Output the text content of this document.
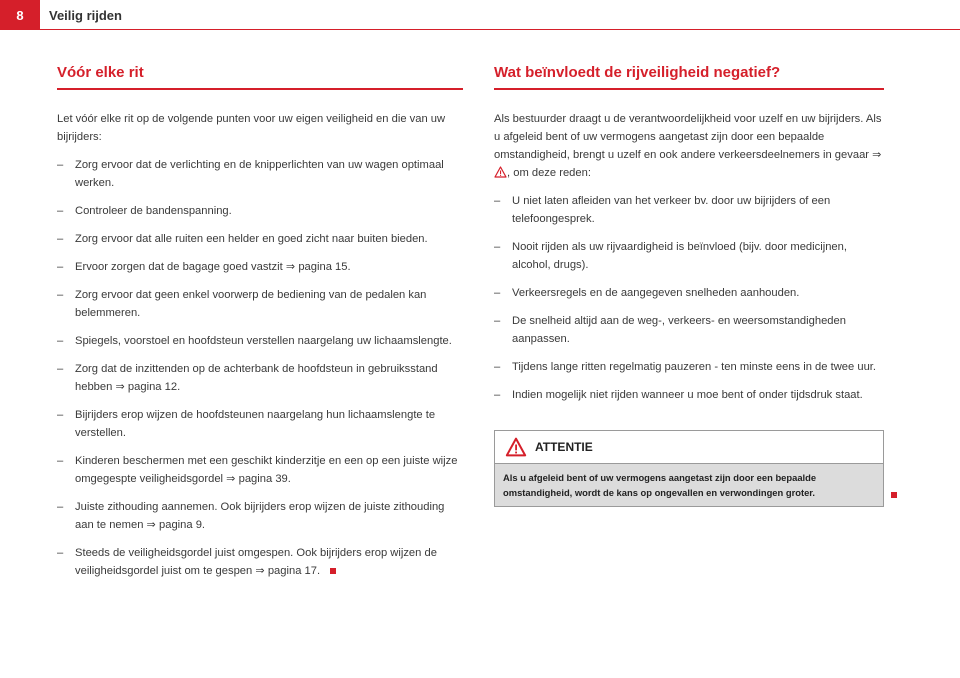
8	Veilig rijden
Vóór elke rit

Let vóór elke rit op de volgende punten voor uw eigen veiligheid en die van uw bijrijders:

– Zorg ervoor dat de verlichting en de knipperlichten van uw wagen optimaal werken.
– Controleer de bandenspanning.
– Zorg ervoor dat alle ruiten een helder en goed zicht naar buiten bieden.
– Ervoor zorgen dat de bagage goed vastzit ⇒ pagina 15.
– Zorg ervoor dat geen enkel voorwerp de bediening van de pedalen kan belemmeren.
– Spiegels, voorstoel en hoofdsteun verstellen naargelang uw lichaamslengte.
– Zorg dat de inzittenden op de achterbank de hoofdsteun in gebruiksstand hebben ⇒ pagina 12.
– Bijrijders erop wijzen de hoofdsteunen naargelang hun lichaamslengte te verstellen.
– Kinderen beschermen met een geschikt kinderzitje en een op een juiste wijze omgegespte veiligheidsgordel ⇒ pagina 39.
– Juiste zithouding aannemen. Ook bijrijders erop wijzen de juiste zithouding aan te nemen ⇒ pagina 9.
– Steeds de veiligheidsgordel juist omgespen. Ook bijrijders erop wijzen de veiligheidsgordel juist om te gespen ⇒ pagina 17.
Wat beïnvloedt de rijveiligheid negatief?

Als bestuurder draagt u de verantwoordelijkheid voor uzelf en uw bijrijders. Als u afgeleid bent of uw vermogens aangetast zijn door een bepaalde omstandigheid, brengt u uzelf en ook andere verkeersdeelnemers in gevaar ⇒ , om deze reden:

– U niet laten afleiden van het verkeer bv. door uw bijrijders of een telefoongesprek.
– Nooit rijden als uw rijvaardigheid is beïnvloed (bijv. door medicijnen, alcohol, drugs).
– Verkeersregels en de aangegeven snelheden aanhouden.
– De snelheid altijd aan de weg-, verkeers- en weersomstandigheden aanpassen.
– Tijdens lange ritten regelmatig pauzeren - ten minste eens in de twee uur.
– Indien mogelijk niet rijden wanneer u moe bent of onder tijdsdruk staat.
ATTENTIE
Als u afgeleid bent of uw vermogens aangetast zijn door een bepaalde omstandigheid, wordt de kans op ongevallen en verwondingen groter.
